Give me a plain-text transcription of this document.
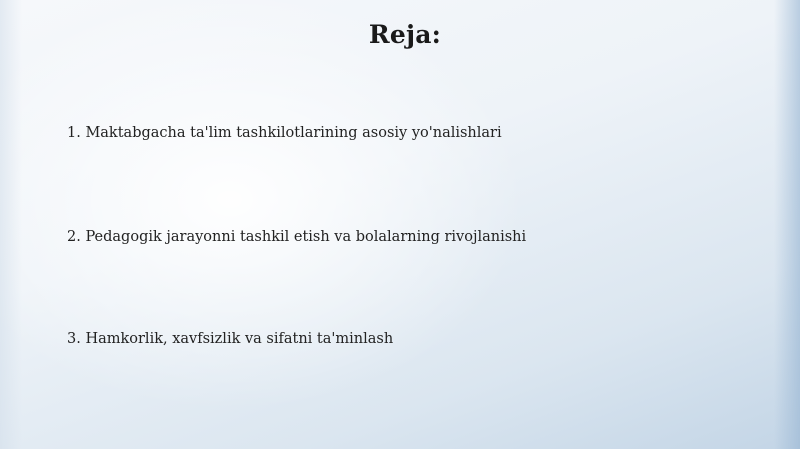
Reja:
1. Maktabgacha ta'lim tashkilotlarining asosiy yo'nalishlari
2. Pedagogik jarayonni tashkil etish va bolalarning rivojlanishi
3. Hamkorlik, xavfsizlik va sifatni ta'minlash
